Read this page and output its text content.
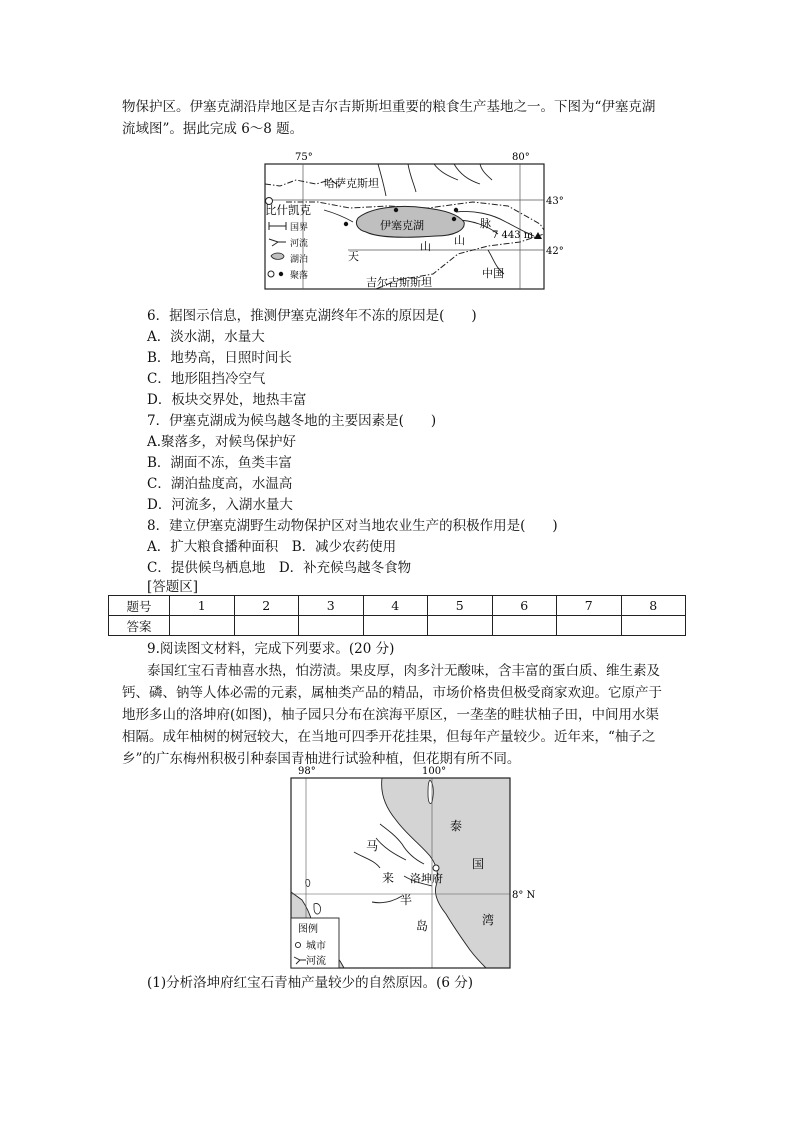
物保护区。伊塞克湖沿岸地区是吉尔吉斯斯坦重要的粮食生产基地之一。下图为“伊塞克湖
流域图”。据此完成 6～8 题。
75°	80°
43°
42°
哈萨克斯坦
比什凯克
伊塞克湖	脉
7 443 m
山
山
天
吉尔吉斯斯坦
中国
国界
河流
湖泊
聚落
6．据图示信息，推测伊塞克湖终年不冻的原因是(　　)
A．淡水湖，水量大
B．地势高，日照时间长
C．地形阻挡冷空气
D．板块交界处，地热丰富
7．伊塞克湖成为候鸟越冬地的主要因素是(　　)
A.聚落多，对候鸟保护好
B．湖面不冻，鱼类丰富
C．湖泊盐度高，水温高
D．河流多，入湖水量大
8．建立伊塞克湖野生动物保护区对当地农业生产的积极作用是(　　)
A．扩大粮食播种面积　B．减少农药使用
C．提供候鸟栖息地　D．补充候鸟越冬食物
[答题区]
题号	1	2	3	4	5	6	7	8
答案								
9.阅读图文材料，完成下列要求。(20 分)
泰国红宝石青柚喜水热，怕涝渍。果皮厚，肉多汁无酸味，含丰富的蛋白质、维生素及
钙、磷、钠等人体必需的元素，属柚类产品的精品，市场价格贵但极受商家欢迎。它原产于
地形多山的洛坤府(如图)，柚子园只分布在滨海平原区，一垄垄的畦状柚子田，中间用水渠
相隔。成年柚树的树冠较大，在当地可四季开花挂果，但每年产量较少。近年来，“柚子之
乡”的广东梅州积极引种泰国青柚进行试验种植，但花期有所不同。
98°	100°
8° N
泰
国
湾
马
来
半
岛
洛坤府
图例
城市
河流
(1)分析洛坤府红宝石青柚产量较少的自然原因。(6 分)
